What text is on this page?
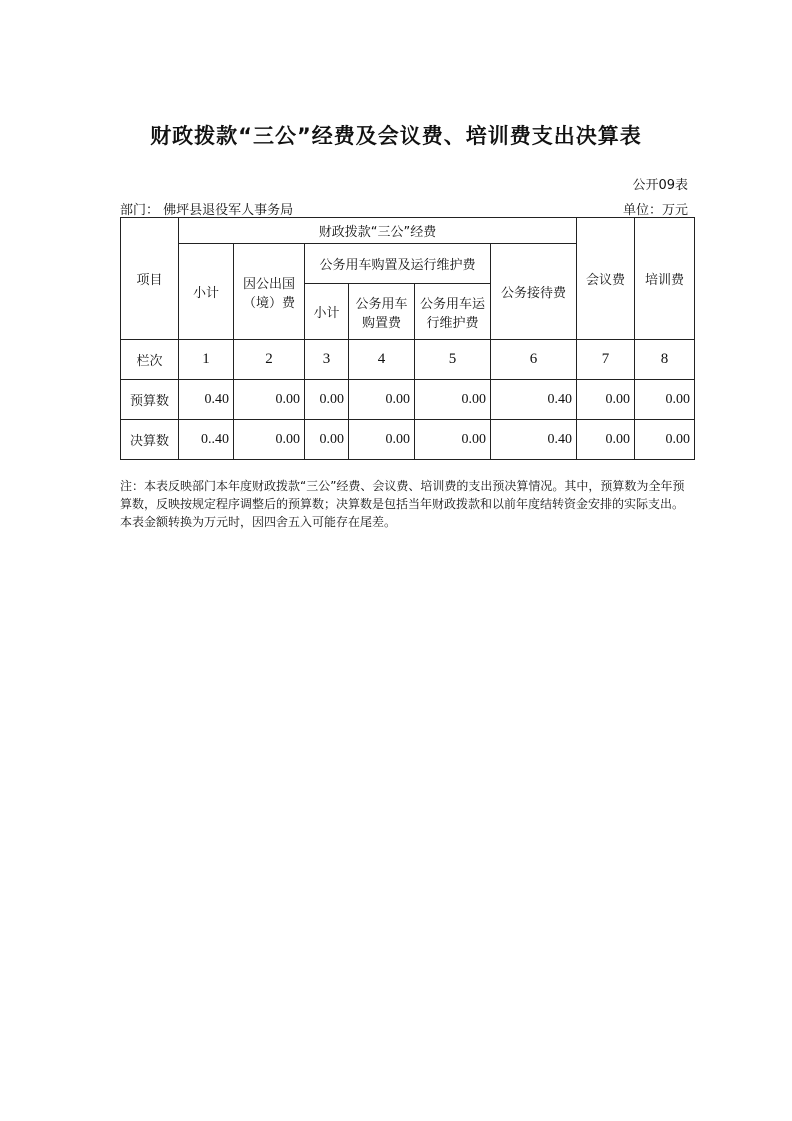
财政拨款“三公”经费及会议费、培训费支出决算表
公开09表
部门： 佛坪县退役军人事务局	单位：万元
项目	财政拨款“三公”经费						会议费	培训费
	小计	因公出国（境）费	公务用车购置及运行维护费			公务接待费		
			小计	公务用车购置费	公务用车运行维护费			
栏次	1	2	3	4	5	6	7	8
预算数	0.40	0.00	0.00	0.00	0.00	0.40	0.00	0.00
决算数	0..40	0.00	0.00	0.00	0.00	0.40	0.00	0.00
注：本表反映部门本年度财政拨款“三公”经费、会议费、培训费的支出预决算情况。其中，预算数为全年预算数，反映按规定程序调整后的预算数；决算数是包括当年财政拨款和以前年度结转资金安排的实际支出。本表金额转换为万元时，因四舍五入可能存在尾差。
